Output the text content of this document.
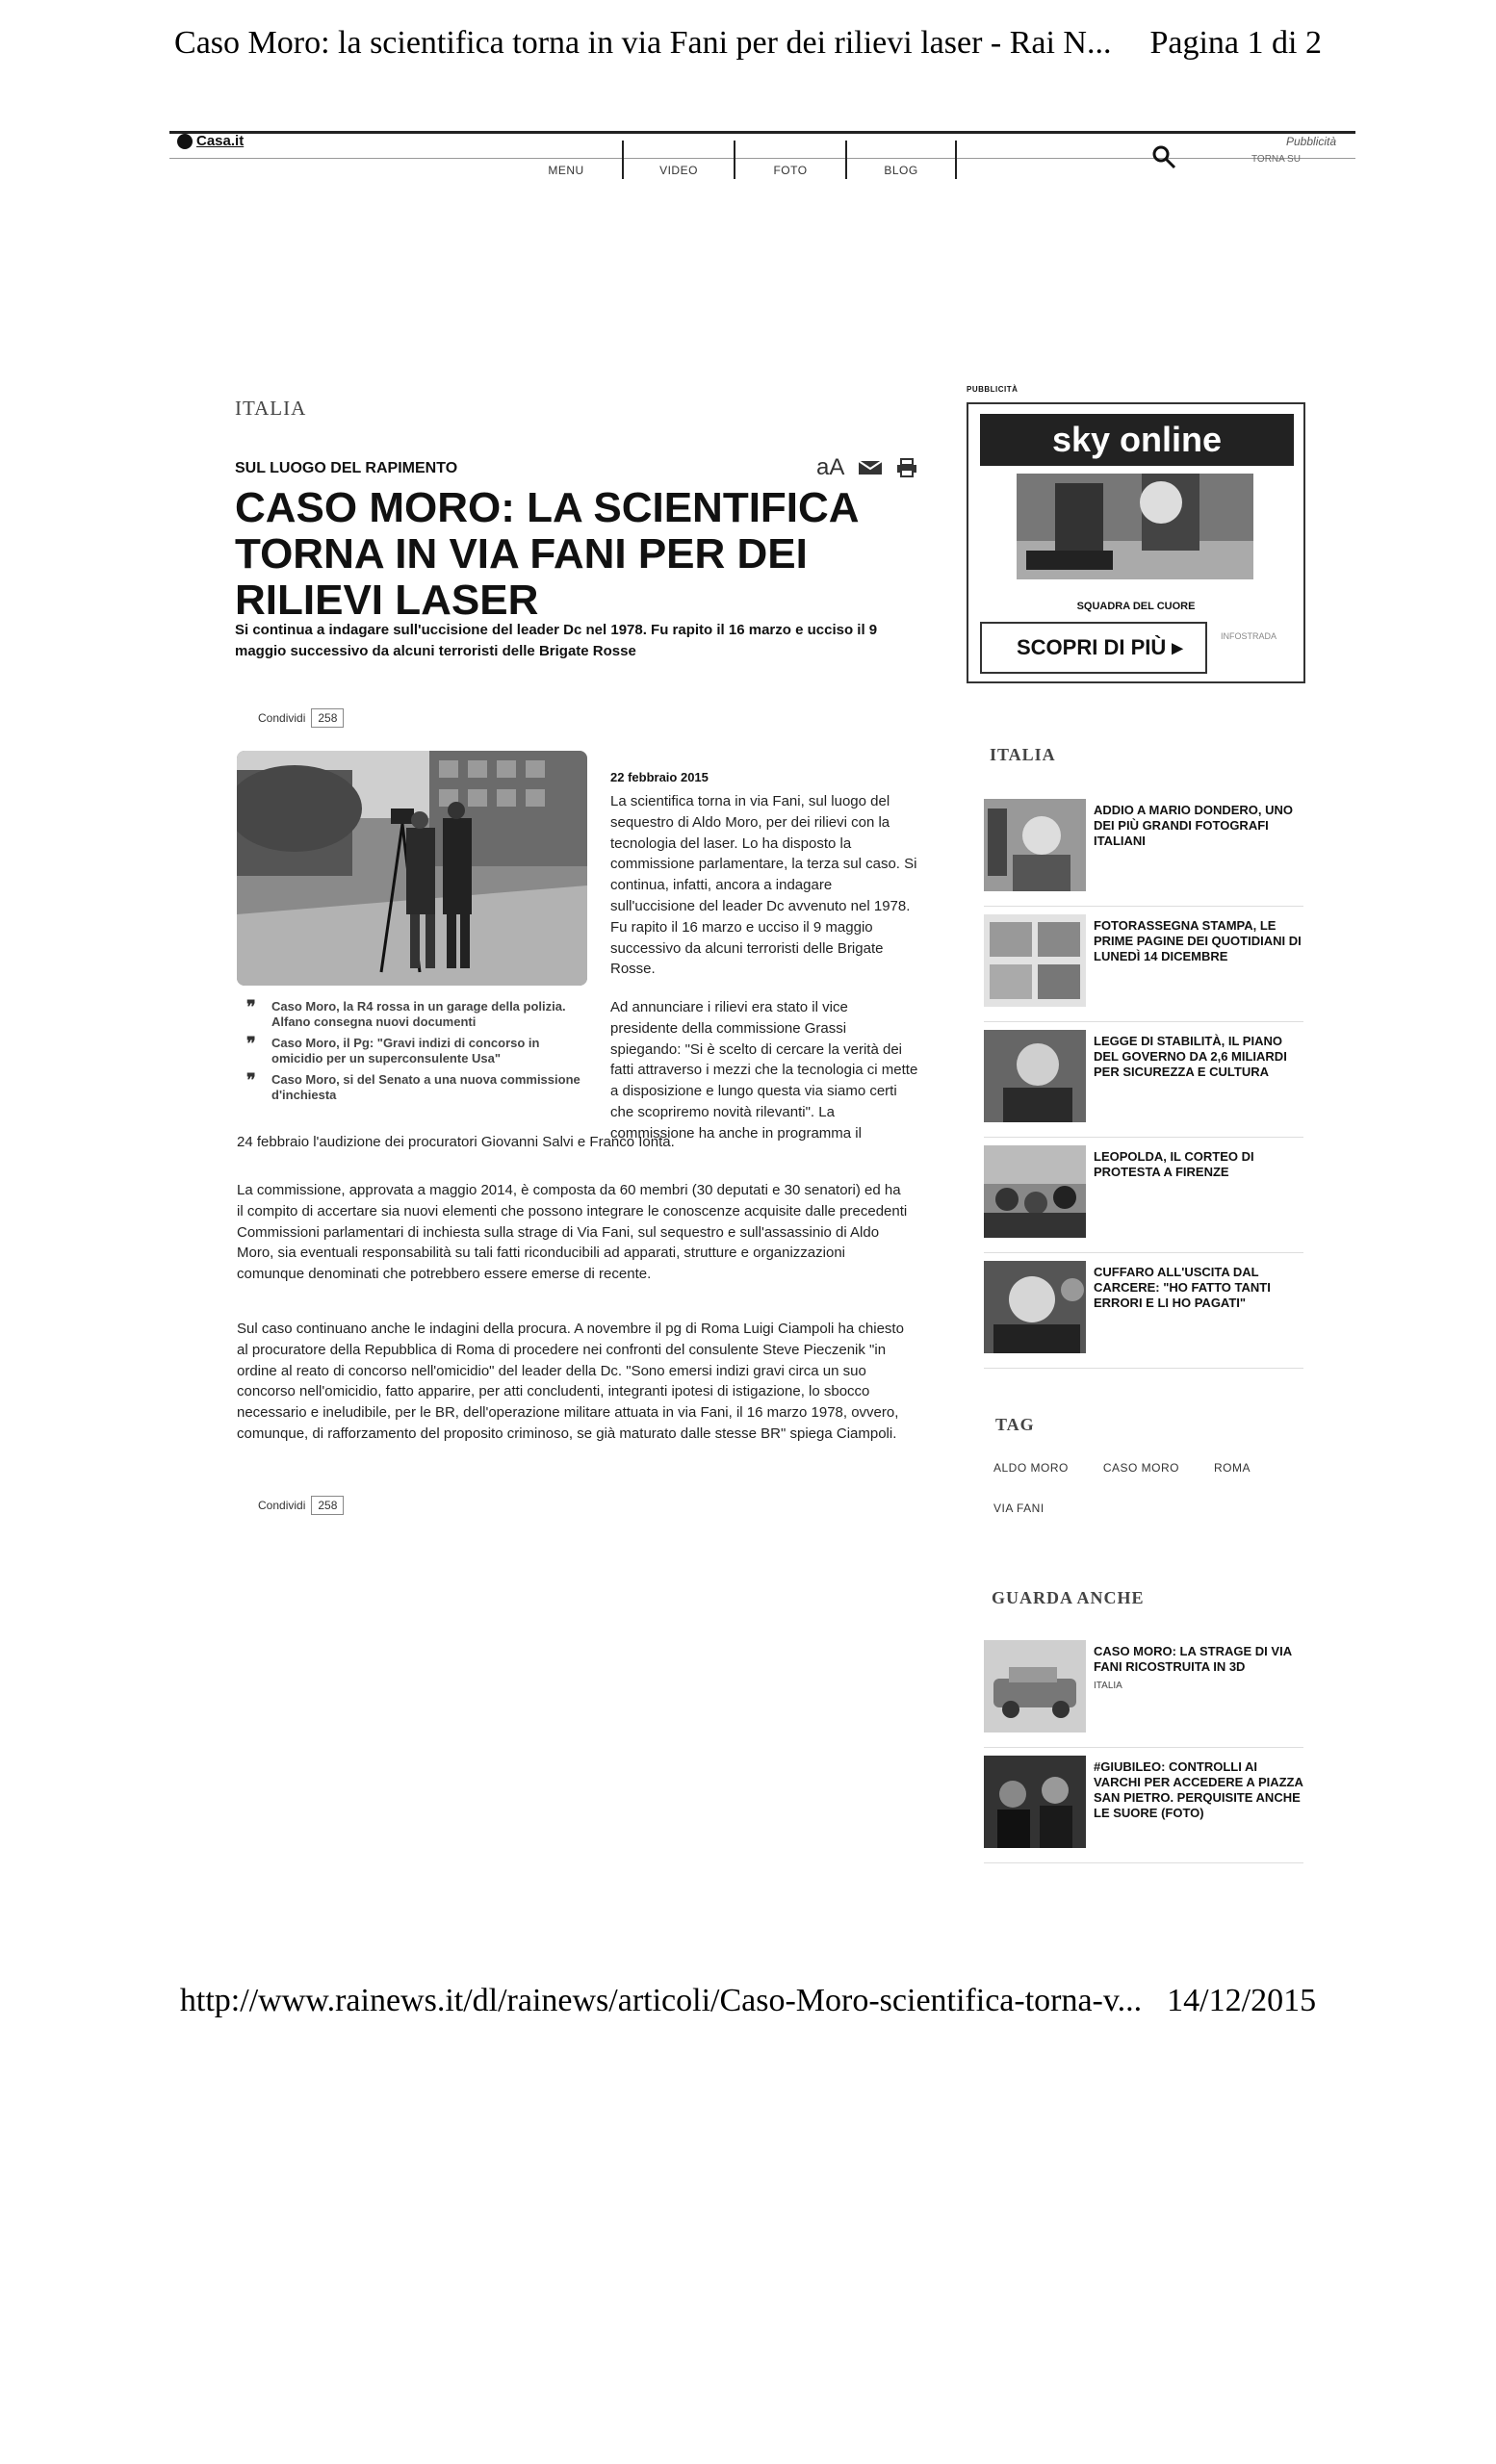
Caso Moro: la scientifica torna in via Fani per dei rilievi laser - Rai N... Pagina 1 di 2
Casa.it
MENU	VIDEO	FOTO	BLOG
Pubblicità
TORNA SU
ITALIA
SUL LUOGO DEL RAPIMENTO	aA
CASO MORO: LA SCIENTIFICA TORNA IN VIA FANI PER DEI RILIEVI LASER
Si continua a indagare sull'uccisione del leader Dc nel 1978. Fu rapito il 16 marzo e ucciso il 9 maggio successivo da alcuni terroristi delle Brigate Rosse
Condividi	258
❞ Caso Moro, la R4 rossa in un garage della polizia. Alfano consegna nuovi documenti
❞ Caso Moro, il Pg: "Gravi indizi di concorso in omicidio per un superconsulente Usa"
❞ Caso Moro, si del Senato a una nuova commissione d'inchiesta
22 febbraio 2015
La scientifica torna in via Fani, sul luogo del sequestro di Aldo Moro, per dei rilievi con la tecnologia del laser. Lo ha disposto la commissione parlamentare, la terza sul caso. Si continua, infatti, ancora a indagare sull'uccisione del leader Dc avvenuto nel 1978. Fu rapito il 16 marzo e ucciso il 9 maggio successivo da alcuni terroristi delle Brigate Rosse.
Ad annunciare i rilievi era stato il vice presidente della commissione Grassi spiegando: "Si è scelto di cercare la verità dei fatti attraverso i mezzi che la tecnologia ci mette a disposizione e lungo questa via siamo certi che scopriremo novità rilevanti". La commissione ha anche in programma il
24 febbraio l'audizione dei procuratori Giovanni Salvi e Franco Ionta.
La commissione, approvata a maggio 2014, è composta da 60 membri (30 deputati e 30 senatori) ed ha il compito di accertare sia nuovi elementi che possono integrare le conoscenze acquisite dalle precedenti Commissioni parlamentari di inchiesta sulla strage di Via Fani, sul sequestro e sull'assassinio di Aldo Moro, sia eventuali responsabilità su tali fatti riconducibili ad apparati, strutture e organizzazioni comunque denominati che potrebbero essere emerse di recente.
Sul caso continuano anche le indagini della procura. A novembre il pg di Roma Luigi Ciampoli ha chiesto al procuratore della Repubblica di Roma di procedere nei confronti del consulente Steve Pieczenik "in ordine al reato di concorso nell'omicidio" del leader della Dc. "Sono emersi indizi gravi circa un suo concorso nell'omicidio, fatto apparire, per atti concludenti, integranti ipotesi di istigazione, lo sbocco necessario e ineludibile, per le BR, dell'operazione militare attuata in via Fani, il 16 marzo 1978, ovvero, comunque, di rafforzamento del proposito criminoso, se già maturato dalle stesse BR" spiega Ciampoli.
Condividi	258
PUBBLICITÀ
sky online
SQUADRA DEL CUORE
SCOPRI DI PIÙ ▸	INFOSTRADA
ITALIA
ADDIO A MARIO DONDERO, UNO DEI PIÙ GRANDI FOTOGRAFI ITALIANI
FOTORASSEGNA STAMPA, LE PRIME PAGINE DEI QUOTIDIANI DI LUNEDÌ 14 DICEMBRE
LEGGE DI STABILITÀ, IL PIANO DEL GOVERNO DA 2,6 MILIARDI PER SICUREZZA E CULTURA
LEOPOLDA, IL CORTEO DI PROTESTA A FIRENZE
CUFFARO ALL'USCITA DAL CARCERE: "HO FATTO TANTI ERRORI E LI HO PAGATI"
TAG
ALDO MORO	CASO MORO	ROMA
VIA FANI
GUARDA ANCHE
CASO MORO: LA STRAGE DI VIA FANI RICOSTRUITA IN 3D
ITALIA
#GIUBILEO: CONTROLLI AI VARCHI PER ACCEDERE A PIAZZA SAN PIETRO. PERQUISITE ANCHE LE SUORE (FOTO)
http://www.rainews.it/dl/rainews/articoli/Caso-Moro-scientifica-torna-v... 14/12/2015
